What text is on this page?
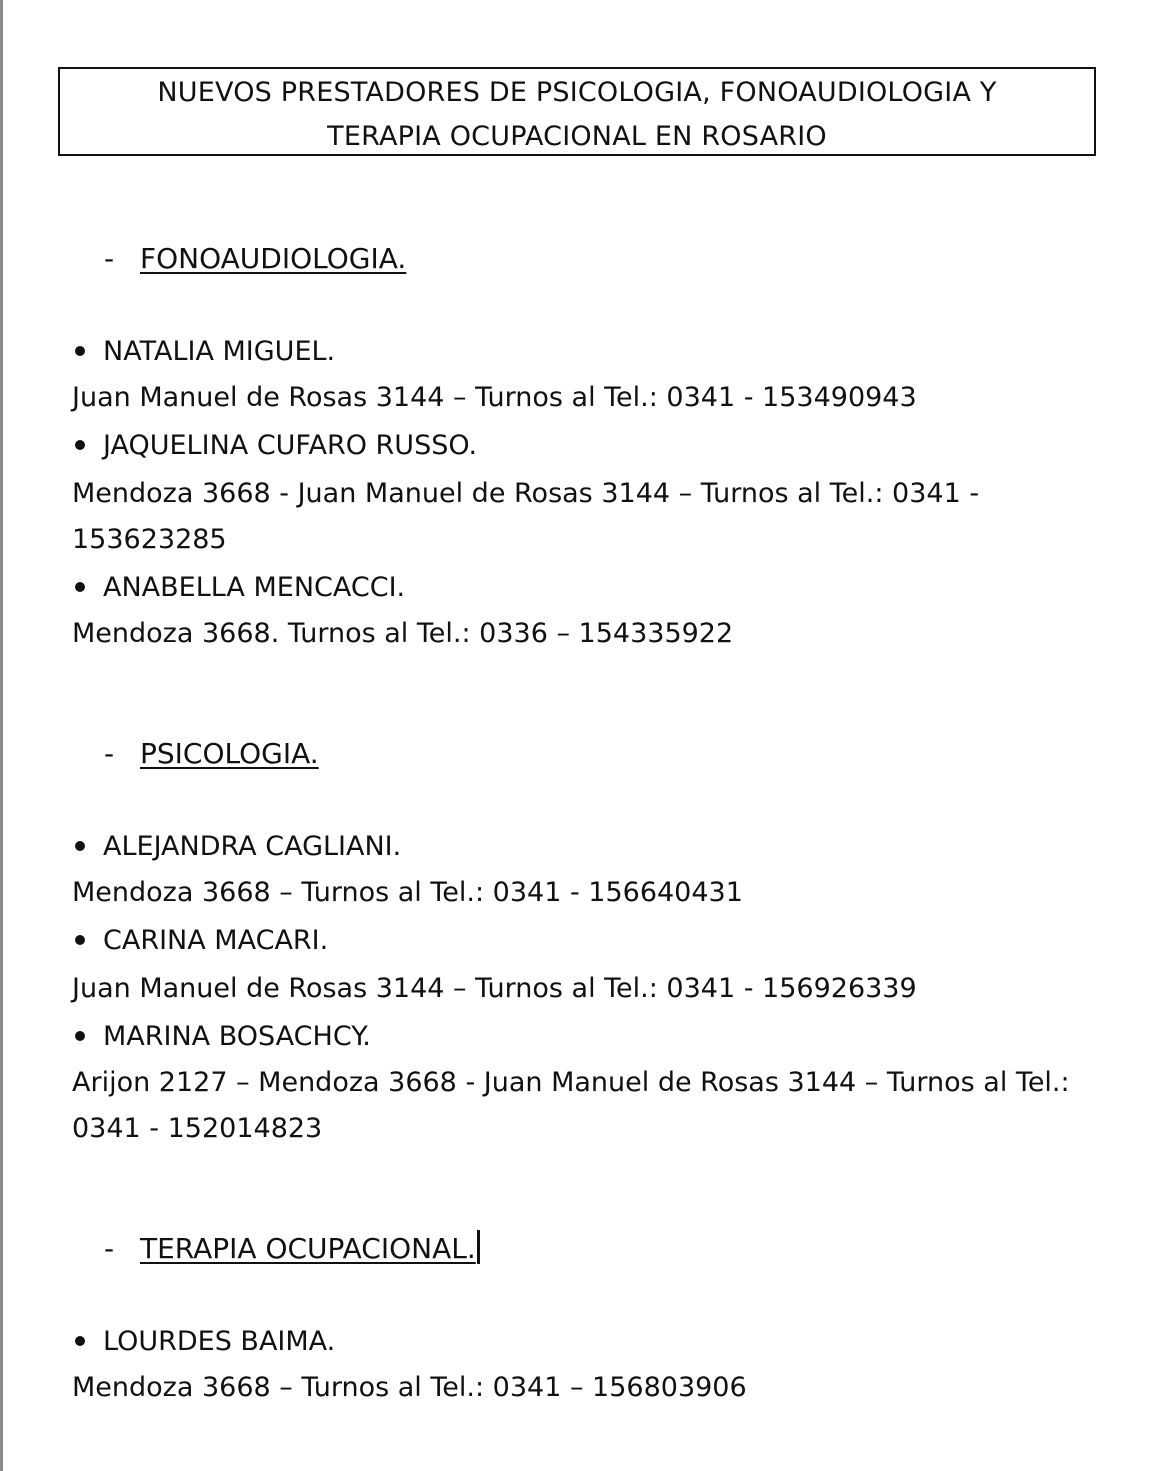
NUEVOS PRESTADORES DE PSICOLOGIA, FONOAUDIOLOGIA Y
TERAPIA OCUPACIONAL EN ROSARIO
- FONOAUDIOLOGIA.
NATALIA MIGUEL.
Juan Manuel de Rosas 3144 – Turnos al Tel.: 0341 - 153490943
JAQUELINA CUFARO RUSSO.
Mendoza 3668 - Juan Manuel de Rosas 3144 – Turnos al Tel.: 0341 - 153623285
ANABELLA MENCACCI.
Mendoza 3668. Turnos al Tel.: 0336 – 154335922
- PSICOLOGIA.
ALEJANDRA CAGLIANI.
Mendoza 3668 – Turnos al Tel.: 0341 - 156640431
CARINA MACARI.
Juan Manuel de Rosas 3144 – Turnos al Tel.: 0341 - 156926339
MARINA BOSACHCY.
Arijon 2127 – Mendoza 3668 - Juan Manuel de Rosas 3144 – Turnos al Tel.: 0341 - 152014823
- TERAPIA OCUPACIONAL.
LOURDES BAIMA.
Mendoza 3668 – Turnos al Tel.: 0341 – 156803906
